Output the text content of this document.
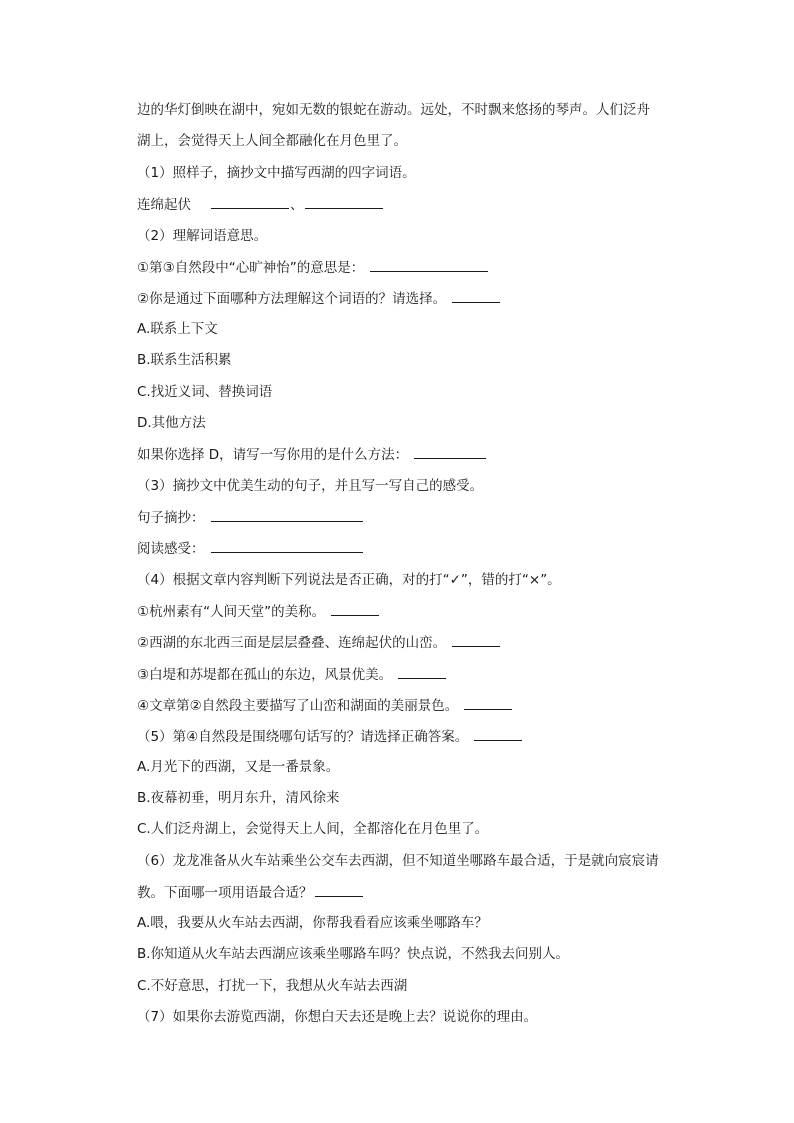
边的华灯倒映在湖中，宛如无数的银蛇在游动。远处，不时飘来悠扬的琴声。人们泛舟
湖上，会觉得天上人间全都融化在月色里了。
（1）照样子，摘抄文中描写西湖的四字词语。
连绵起伏	、
（2）理解词语意思。
①第③自然段中“心旷神怡”的意思是：
②你是通过下面哪种方法理解这个词语的？请选择。
A.联系上下文
B.联系生活积累
C.找近义词、替换词语
D.其他方法
如果你选择 D，请写一写你用的是什么方法：
（3）摘抄文中优美生动的句子，并且写一写自己的感受。
句子摘抄：
阅读感受：
（4）根据文章内容判断下列说法是否正确，对的打“✓”，错的打“×”。
①杭州素有“人间天堂”的美称。
②西湖的东北西三面是层层叠叠、连绵起伏的山峦。
③白堤和苏堤都在孤山的东边，风景优美。
④文章第②自然段主要描写了山峦和湖面的美丽景色。
（5）第④自然段是围绕哪句话写的？请选择正确答案。
A.月光下的西湖，又是一番景象。
B.夜幕初垂，明月东升，清风徐来
C.人们泛舟湖上，会觉得天上人间，全都溶化在月色里了。
（6）龙龙准备从火车站乘坐公交车去西湖，但不知道坐哪路车最合适，于是就向宸宸请
教。下面哪一项用语最合适？
A.喂，我要从火车站去西湖，你帮我看看应该乘坐哪路车？
B.你知道从火车站去西湖应该乘坐哪路车吗？快点说，不然我去问别人。
C.不好意思，打扰一下，我想从火车站去西湖
（7）如果你去游览西湖，你想白天去还是晚上去？说说你的理由。
